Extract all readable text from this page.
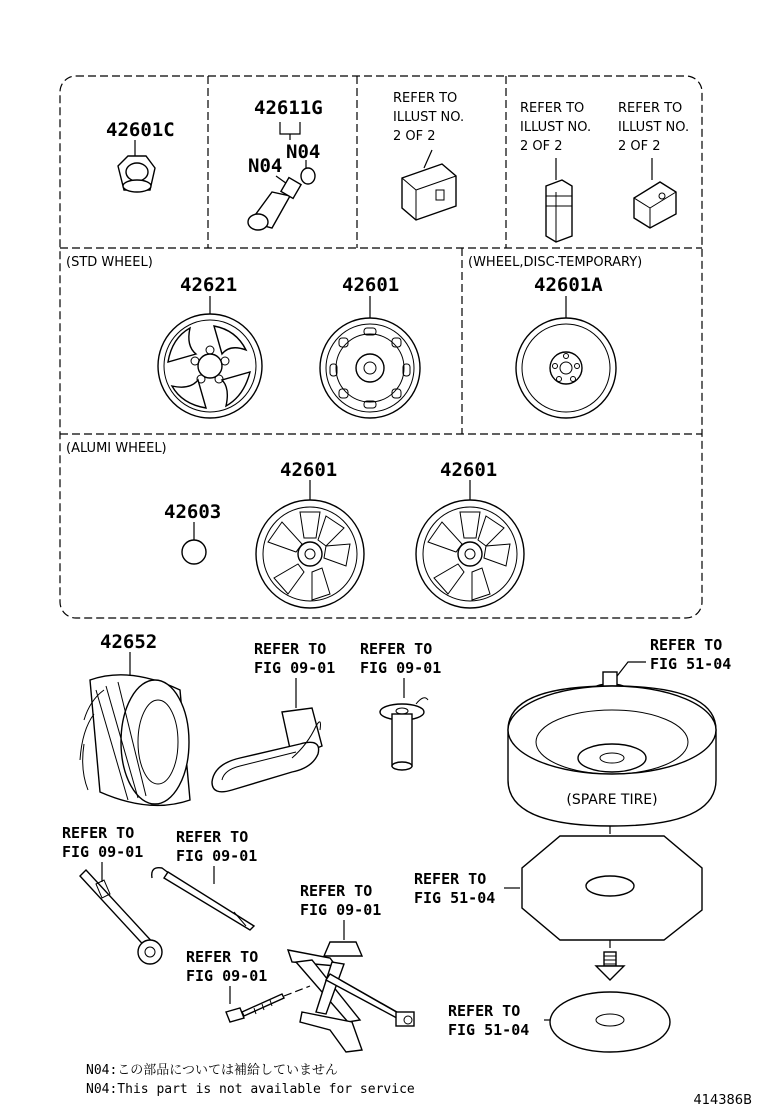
42601C
42611G
N04
N04
REFER TO
ILLUST NO.
2 OF 2
REFER TO
ILLUST NO.
2 OF 2
REFER TO
ILLUST NO.
2 OF 2
(STD WHEEL)
42621	42601
(WHEEL,DISC-TEMPORARY)
42601A
(ALUMI WHEEL)
42603
42601	42601
42652	REFER TO
FIG 09-01
REFER TO
FIG 09-01
REFER TO
FIG 51-04
(SPARE TIRE)
REFER TO
FIG 09-01
REFER TO
FIG 09-01
REFER TO
FIG 51-04
REFER TO
FIG 09-01
REFER TO
FIG 09-01
REFER TO
FIG 51-04
N04:この部品については補給していません
N04:This part is not available for service
414386B
